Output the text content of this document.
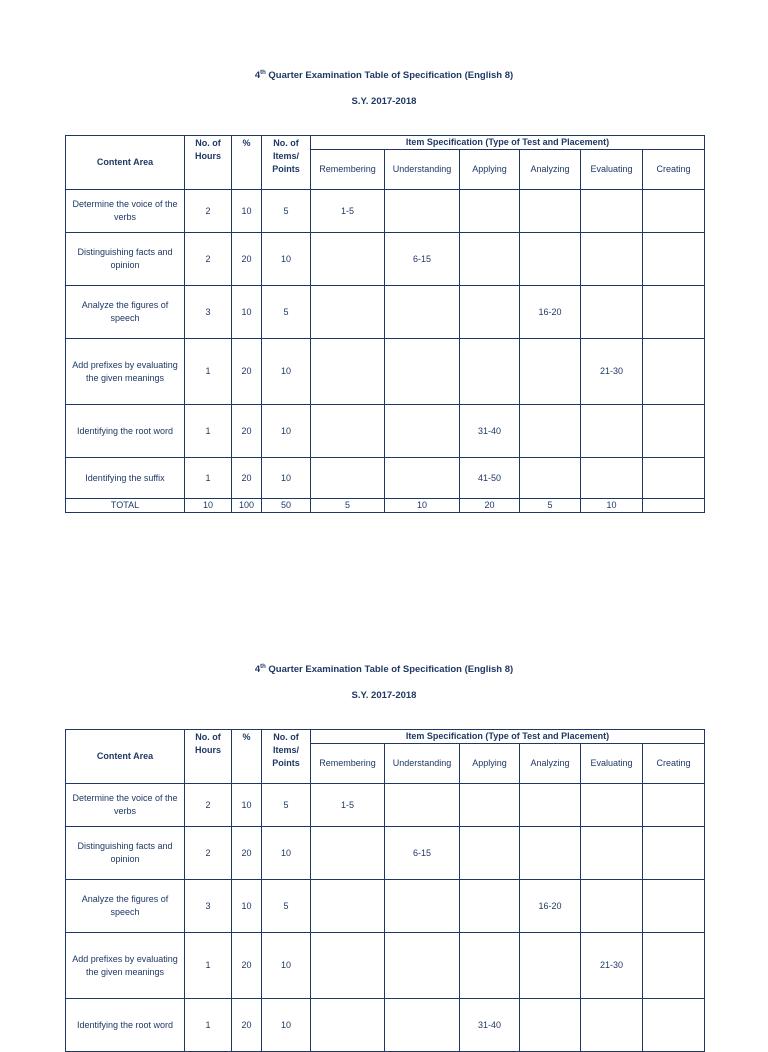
4th Quarter Examination Table of Specification (English 8)
S.Y. 2017-2018
Content Area	No. of Hours	%	No. of Items/ Points	Item Specification (Type of Test and Placement)					
				Remembering	Understanding	Applying	Analyzing	Evaluating	Creating
Determine the voice of the verbs	2	10	5	1-5					
Distinguishing facts and opinion	2	20	10		6-15				
Analyze the figures of speech	3	10	5				16-20		
Add prefixes by evaluating the given meanings	1	20	10					21-30	
Identifying the root word	1	20	10			31-40			
Identifying the suffix	1	20	10			41-50			
TOTAL	10	100	50	5	10	20	5	10	
4th Quarter Examination Table of Specification (English 8)
S.Y. 2017-2018
Content Area	No. of Hours	%	No. of Items/ Points	Item Specification (Type of Test and Placement)					
				Remembering	Understanding	Applying	Analyzing	Evaluating	Creating
Determine the voice of the verbs	2	10	5	1-5					
Distinguishing facts and opinion	2	20	10		6-15				
Analyze the figures of speech	3	10	5				16-20		
Add prefixes by evaluating the given meanings	1	20	10					21-30	
Identifying the root word	1	20	10			31-40			
